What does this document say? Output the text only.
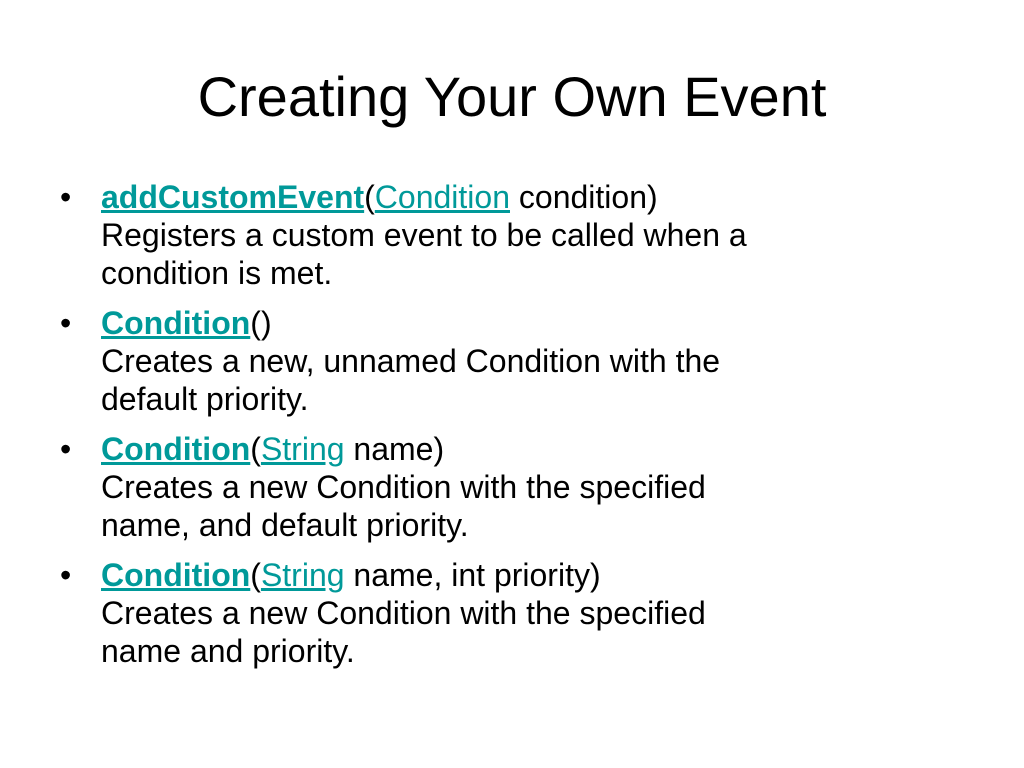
Creating Your Own Event
• addCustomEvent(Condition condition)
Registers a custom event to be called when a
condition is met.
• Condition()
Creates a new, unnamed Condition with the
default priority.
• Condition(String name)
Creates a new Condition with the specified
name, and default priority.
• Condition(String name, int priority)
Creates a new Condition with the specified
name and priority.
